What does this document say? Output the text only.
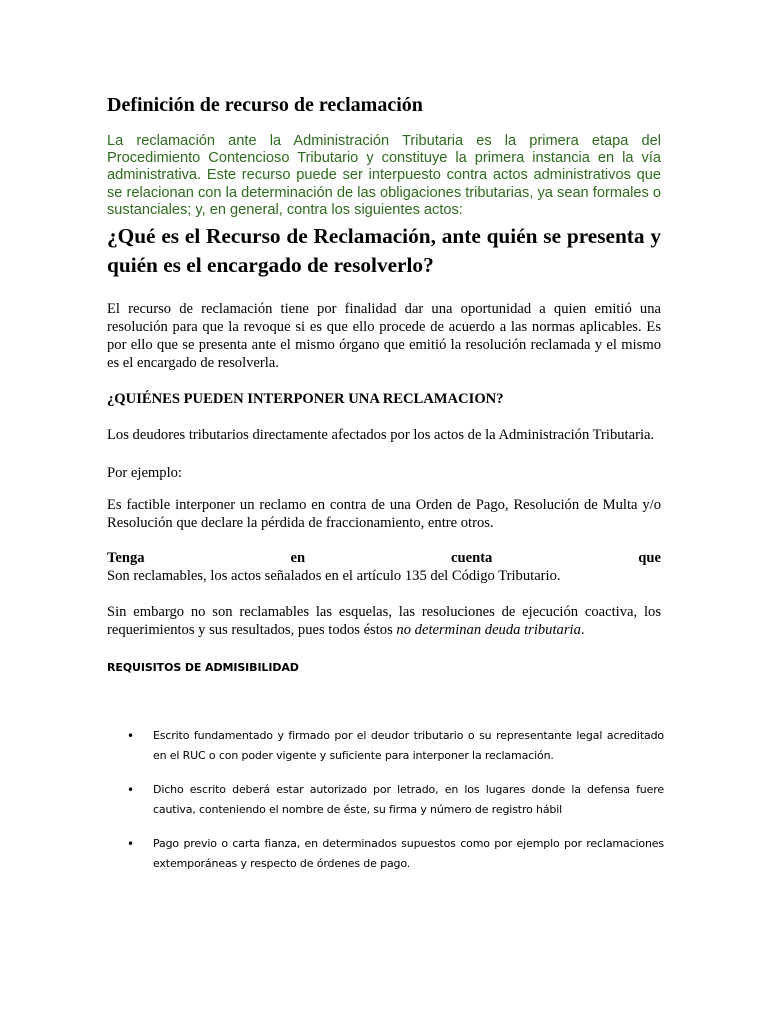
Definición de recurso de reclamación

La reclamación ante la Administración Tributaria es la primera etapa del Procedimiento Contencioso Tributario y constituye la primera instancia en la vía administrativa. Este recurso puede ser interpuesto contra actos administrativos que se relacionan con la determinación de las obligaciones tributarias, ya sean formales o sustanciales; y, en general, contra los siguientes actos:

¿Qué es el Recurso de Reclamación, ante quién se presenta y quién es el encargado de resolverlo?

El recurso de reclamación tiene por finalidad dar una oportunidad a quien emitió una resolución para que la revoque si es que ello procede de acuerdo a las normas aplicables. Es por ello que se presenta ante el mismo órgano que emitió la resolución reclamada y el mismo es el encargado de resolverla.

¿QUIÉNES PUEDEN INTERPONER UNA RECLAMACION?

Los deudores tributarios directamente afectados por los actos de la Administración Tributaria.

Por ejemplo:

Es factible interponer un reclamo en contra de una Orden de Pago, Resolución de Multa y/o Resolución que declare la pérdida de fraccionamiento, entre otros.

Tenga	en	cuenta	que

Son reclamables, los actos señalados en el artículo 135 del Código Tributario.

Sin embargo no son reclamables las esquelas, las resoluciones de ejecución coactiva, los requerimientos y sus resultados, pues todos éstos no determinan deuda tributaria.

REQUISITOS DE ADMISIBILIDAD
• Escrito fundamentado y firmado por el deudor tributario o su representante legal acreditado en el RUC o con poder vigente y suficiente para interponer la reclamación.
• Dicho escrito deberá estar autorizado por letrado, en los lugares donde la defensa fuere cautiva, conteniendo el nombre de éste, su firma y número de registro hábil
• Pago previo o carta fianza, en determinados supuestos como por ejemplo por reclamaciones extemporáneas y respecto de órdenes de pago.
